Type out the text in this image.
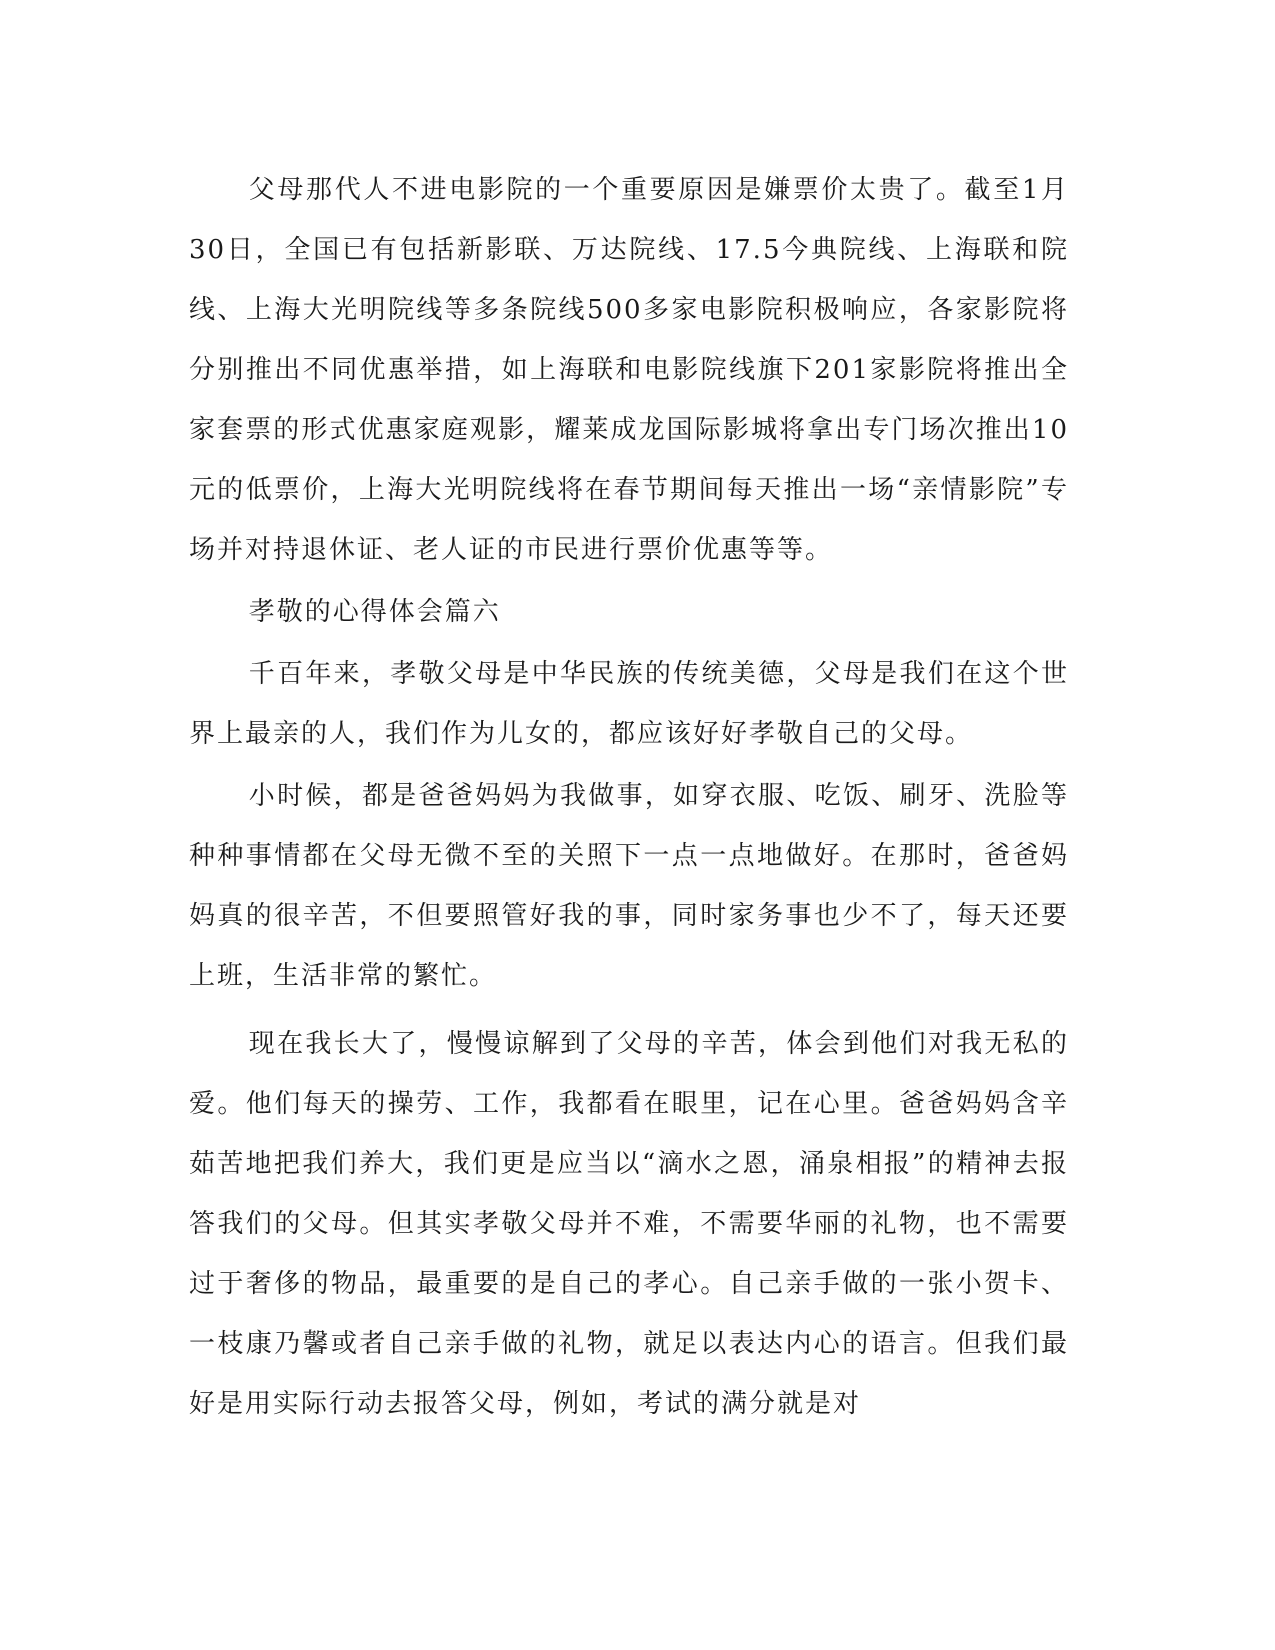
父母那代人不进电影院的一个重要原因是嫌票价太贵了。截至1月30日，全国已有包括新影联、万达院线、17.5今典院线、上海联和院线、上海大光明院线等多条院线500多家电影院积极响应，各家影院将分别推出不同优惠举措，如上海联和电影院线旗下201家影院将推出全家套票的形式优惠家庭观影，耀莱成龙国际影城将拿出专门场次推出10元的低票价，上海大光明院线将在春节期间每天推出一场“亲情影院”专场并对持退休证、老人证的市民进行票价优惠等等。

孝敬的心得体会篇六

千百年来，孝敬父母是中华民族的传统美德，父母是我们在这个世界上最亲的人，我们作为儿女的，都应该好好孝敬自己的父母。

小时候，都是爸爸妈妈为我做事，如穿衣服、吃饭、刷牙、洗脸等种种事情都在父母无微不至的关照下一点一点地做好。在那时，爸爸妈妈真的很辛苦，不但要照管好我的事，同时家务事也少不了，每天还要上班，生活非常的繁忙。

现在我长大了，慢慢谅解到了父母的辛苦，体会到他们对我无私的爱。他们每天的操劳、工作，我都看在眼里，记在心里。爸爸妈妈含辛茹苦地把我们养大，我们更是应当以“滴水之恩，涌泉相报”的精神去报答我们的父母。但其实孝敬父母并不难，不需要华丽的礼物，也不需要过于奢侈的物品，最重要的是自己的孝心。自己亲手做的一张小贺卡、一枝康乃馨或者自己亲手做的礼物，就足以表达内心的语言。但我们最好是用实际行动去报答父母，例如，考试的满分就是对
